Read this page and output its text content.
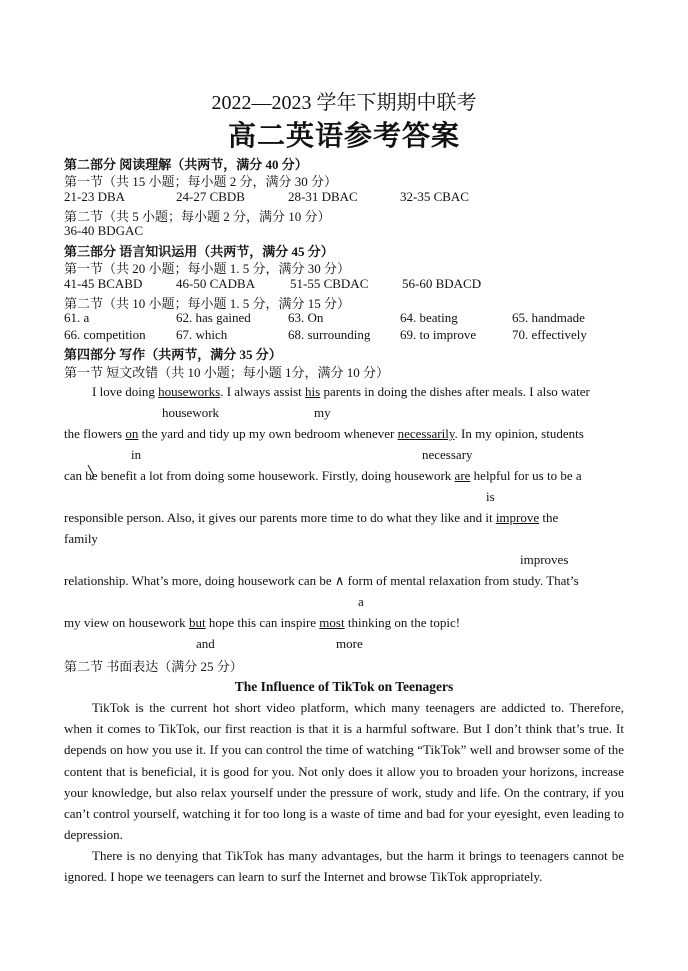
2022—2023 学年下期期中联考
高二英语参考答案
第二部分 阅读理解（共两节，满分 40 分）
第一节（共 15 小题；每小题 2 分，满分 30 分）
21-23 DBA	24-27 CBDB	28-31 DBAC	32-35 CBAC
第二节（共 5 小题；每小题 2 分，满分 10 分）
36-40 BDGAC
第三部分 语言知识运用（共两节，满分 45 分）
第一节（共 20 小题；每小题 1. 5 分，满分 30 分）
41-45 BCABD	46-50 CADBA	51-55 CBDAC	56-60 BDACD
第二节（共 10 小题；每小题 1. 5 分，满分 15 分）
61. a	62. has gained	63. On	64. beating	65. handmade
66. competition 67. which	68. surrounding 69. to improve	70. effectively
第四部分 写作（共两节，满分 35 分）
第一节 短文改错（共 10 小题；每小题 1分，满分 10 分）
I love doing houseworks. I always assist his parents in doing the dishes after meals. I also water
housework	my
the flowers on the yard and tidy up my own bedroom whenever necessarily. In my opinion, students
in	necessary
can be benefit a lot from doing some housework. Firstly, doing housework are helpful for us to be a
is
responsible person. Also, it gives our parents more time to do what they like and it improve the
family
improves
relationship. What’s more, doing housework can be ∧ form of mental relaxation from study. That’s
a
my view on housework but hope this can inspire most thinking on the topic!
and	more
第二节 书面表达（满分 25 分）
The Influence of TikTok on Teenagers
TikTok is the current hot short video platform, which many teenagers are addicted to. Therefore, when it comes to TikTok, our first reaction is that it is a harmful software. But I don’t think that’s true. It depends on how you use it. If you can control the time of watching “TikTok” well and browser some of the content that is beneficial, it is good for you. Not only does it allow you to broaden your horizons, increase your knowledge, but also relax yourself under the pressure of work, study and life. On the contrary, if you can’t control yourself, watching it for too long is a waste of time and bad for your eyesight, even leading to depression.
There is no denying that TikTok has many advantages, but the harm it brings to teenagers cannot be ignored. I hope we teenagers can learn to surf the Internet and browse TikTok appropriately.
